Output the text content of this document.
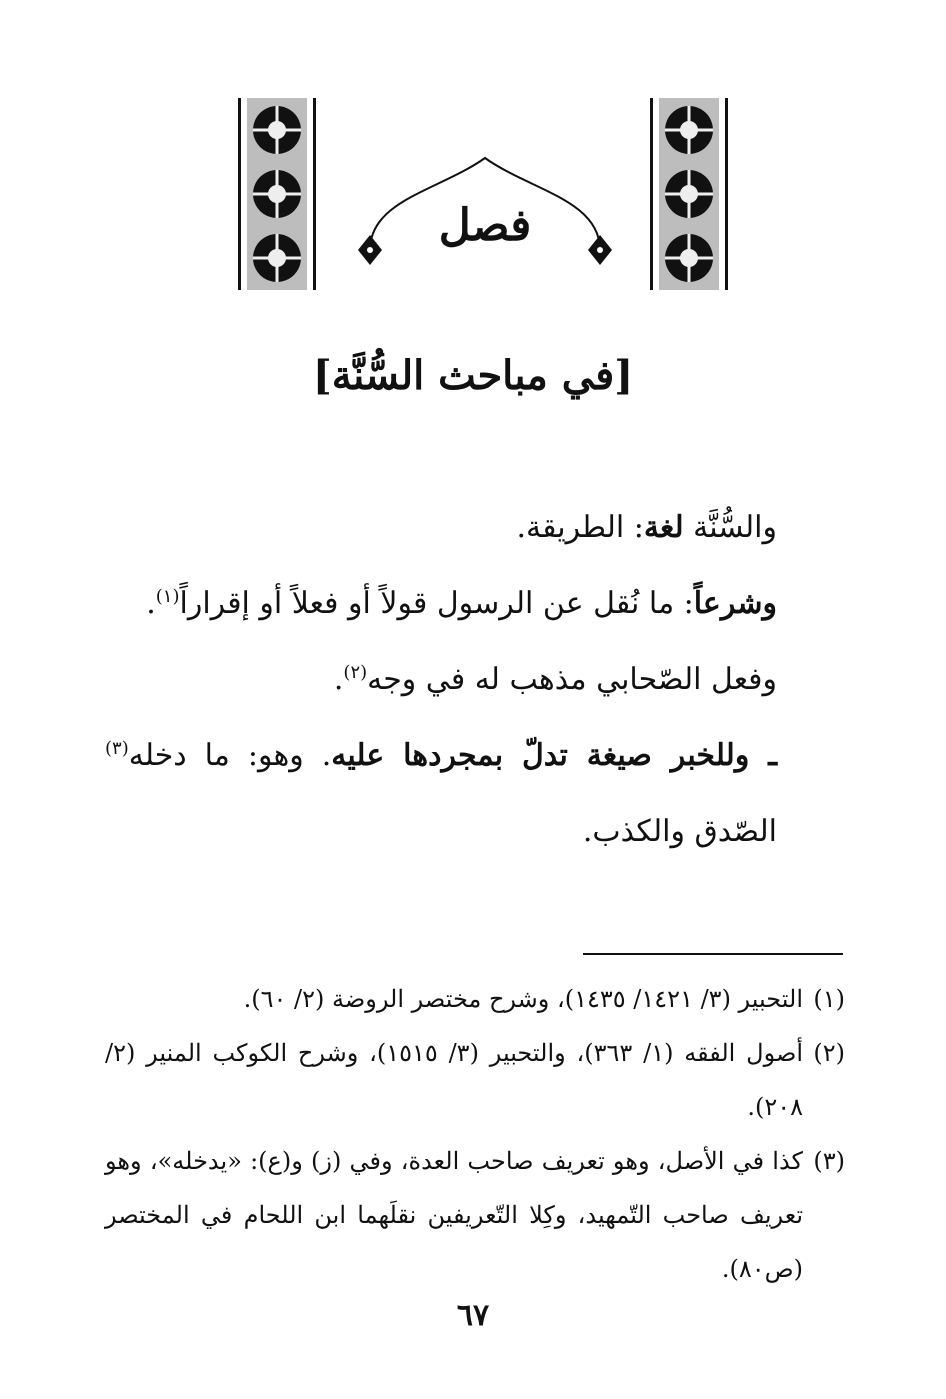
فصل
[في مباحث السُّنَّة]

والسُّنَّة لغة: الطريقة.

وشرعاً: ما نُقل عن الرسول قولاً أو فعلاً أو إقراراً$^{(١)}$.

وفعل الصّحابي مذهب له في وجه$^{(٢)}$.

ـ وللخبر صيغة تدلّ بمجردها عليه. وهو: ما دخله$^{(٣)}$ الصّدق والكذب.

(١)
التحبير (٣/ ١٤٢١/ ١٤٣٥)، وشرح مختصر الروضة (٢/ ٦٠).
(٢)
أصول الفقه (١/ ٣٦٣)، والتحبير (٣/ ١٥١٥)، وشرح الكوكب المنير (٢/ ٢٠٨).
(٣)
كذا في الأصل، وهو تعريف صاحب العدة، وفي (ز) و(ع): «يدخله»، وهو تعريف صاحب التّمهيد، وكِلا التّعريفين نقلَهما ابن اللحام في المختصر (ص٨٠).
٦٧
